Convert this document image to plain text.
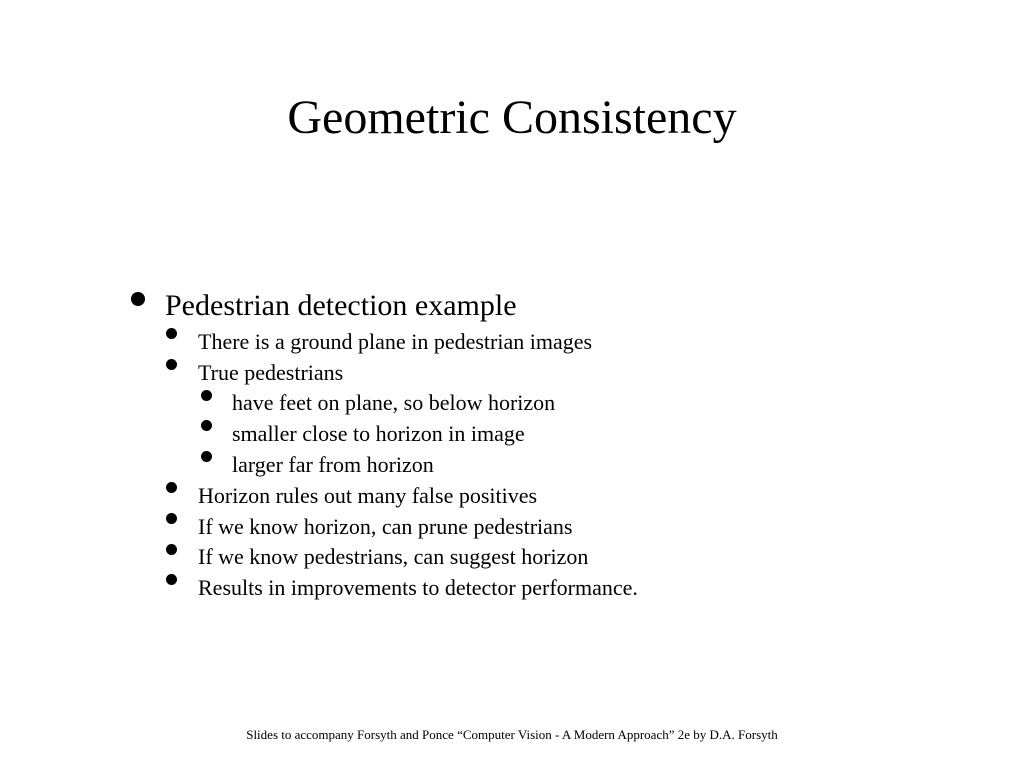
Geometric Consistency
Pedestrian detection example
There is a ground plane in pedestrian images
True pedestrians
have feet on plane, so below horizon
smaller close to horizon in image
larger far from horizon
Horizon rules out many false positives
If we know horizon, can prune pedestrians
If we know pedestrians, can suggest horizon
Results in improvements to detector performance.
Slides to accompany Forsyth and Ponce “Computer Vision - A Modern Approach” 2e by D.A. Forsyth
